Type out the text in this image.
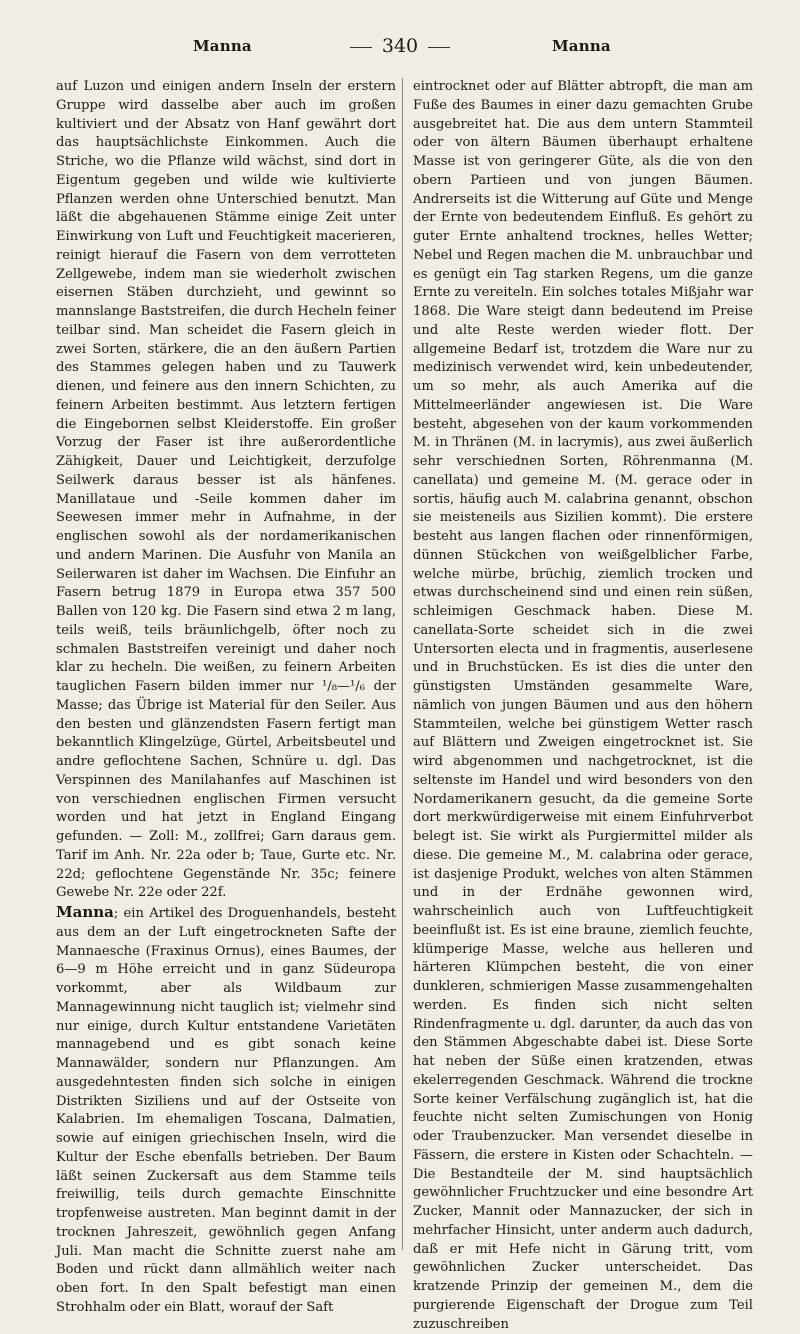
Manna	340	Manna

auf Luzon und einigen andern Inseln der erstern Gruppe wird dasselbe aber auch im großen kultiviert und der Absatz von Hanf gewährt dort das hauptsächlichste Einkommen. Auch die Striche, wo die Pflanze wild wächst, sind dort in Eigentum gegeben und wilde wie kultivierte Pflanzen werden ohne Unterschied benutzt. Man läßt die abgehauenen Stämme einige Zeit unter Einwirkung von Luft und Feuchtigkeit macerieren, reinigt hierauf die Fasern von dem verrotteten Zellgewebe, indem man sie wiederholt zwischen eisernen Stäben durchzieht, und gewinnt so mannslange Baststreifen, die durch Hecheln feiner teilbar sind. Man scheidet die Fasern gleich in zwei Sorten, stärkere, die an den äußern Partien des Stammes gelegen haben und zu Tauwerk dienen, und feinere aus den innern Schichten, zu feinern Arbeiten bestimmt. Aus letztern fertigen die Eingebornen selbst Kleiderstoffe. Ein großer Vorzug der Faser ist ihre außerordentliche Zähigkeit, Dauer und Leichtigkeit, derzufolge Seilwerk daraus besser ist als hänfenes. Manillataue und -Seile kommen daher im Seewesen immer mehr in Aufnahme, in der englischen sowohl als der nordamerikanischen und andern Marinen. Die Ausfuhr von Manila an Seilerwaren ist daher im Wachsen. Die Einfuhr an Fasern betrug 1879 in Europa etwa 357 500 Ballen von 120 kg. Die Fasern sind etwa 2 m lang, teils weiß, teils bräunlichgelb, öfter noch zu schmalen Baststreifen vereinigt und daher noch klar zu hecheln. Die weißen, zu feinern Arbeiten tauglichen Fasern bilden immer nur ¹/₈—¹/₆ der Masse; das Übrige ist Material für den Seiler. Aus den besten und glänzendsten Fasern fertigt man bekanntlich Klingelzüge, Gürtel, Arbeitsbeutel und andre geflochtene Sachen, Schnüre u. dgl. Das Verspinnen des Manilahanfes auf Maschinen ist von verschiednen englischen Firmen versucht worden und hat jetzt in England Eingang gefunden. — Zoll: M., zollfrei; Garn daraus gem. Tarif im Anh. Nr. 22a oder b; Taue, Gurte etc. Nr. 22d; geflochtene Gegenstände Nr. 35c; feinere Gewebe Nr. 22e oder 22f.

Manna; ein Artikel des Droguenhandels, besteht aus dem an der Luft eingetrockneten Safte der Mannaesche (Fraxinus Ornus), eines Baumes, der 6—9 m Höhe erreicht und in ganz Südeuropa vorkommt, aber als Wildbaum zur Mannagewinnung nicht tauglich ist; vielmehr sind nur einige, durch Kultur entstandene Varietäten mannagebend und es gibt sonach keine Mannawälder, sondern nur Pflanzungen. Am ausgedehntesten finden sich solche in einigen Distrikten Siziliens und auf der Ostseite von Kalabrien. Im ehemaligen Toscana, Dalmatien, sowie auf einigen griechischen Inseln, wird die Kultur der Esche ebenfalls betrieben. Der Baum läßt seinen Zuckersaft aus dem Stamme teils freiwillig, teils durch gemachte Einschnitte tropfenweise austreten. Man beginnt damit in der trocknen Jahreszeit, gewöhnlich gegen Anfang Juli. Man macht die Schnitte zuerst nahe am Boden und rückt dann allmählich weiter nach oben fort. In den Spalt befestigt man einen Strohhalm oder ein Blatt, worauf der Saft

eintrocknet oder auf Blätter abtropft, die man am Fuße des Baumes in einer dazu gemachten Grube ausgebreitet hat. Die aus dem untern Stammteil oder von ältern Bäumen überhaupt erhaltene Masse ist von geringerer Güte, als die von den obern Partieen und von jungen Bäumen. Andrerseits ist die Witterung auf Güte und Menge der Ernte von bedeutendem Einfluß. Es gehört zu guter Ernte anhaltend trocknes, helles Wetter; Nebel und Regen machen die M. unbrauchbar und es genügt ein Tag starken Regens, um die ganze Ernte zu vereiteln. Ein solches totales Mißjahr war 1868. Die Ware steigt dann bedeutend im Preise und alte Reste werden wieder flott. Der allgemeine Bedarf ist, trotzdem die Ware nur zu medizinisch verwendet wird, kein unbedeutender, um so mehr, als auch Amerika auf die Mittelmeerländer angewiesen ist. Die Ware besteht, abgesehen von der kaum vorkommenden M. in Thränen (M. in lacrymis), aus zwei äußerlich sehr verschiednen Sorten, Röhrenmanna (M. canellata) und gemeine M. (M. gerace oder in sortis, häufig auch M. calabrina genannt, obschon sie meisteneils aus Sizilien kommt). Die erstere besteht aus langen flachen oder rinnenförmigen, dünnen Stückchen von weißgelblicher Farbe, welche mürbe, brüchig, ziemlich trocken und etwas durchscheinend sind und einen rein süßen, schleimigen Geschmack haben. Diese M. canellata-Sorte scheidet sich in die zwei Untersorten electa und in fragmentis, auserlesene und in Bruchstücken. Es ist dies die unter den günstigsten Umständen gesammelte Ware, nämlich von jungen Bäumen und aus den höhern Stammteilen, welche bei günstigem Wetter rasch auf Blättern und Zweigen eingetrocknet ist. Sie wird abgenommen und nachgetrocknet, ist die seltenste im Handel und wird besonders von den Nordamerikanern gesucht, da die gemeine Sorte dort merkwürdigerweise mit einem Einfuhrverbot belegt ist. Sie wirkt als Purgiermittel milder als diese. Die gemeine M., M. calabrina oder gerace, ist dasjenige Produkt, welches von alten Stämmen und in der Erdnähe gewonnen wird, wahrscheinlich auch von Luftfeuchtigkeit beeinflußt ist. Es ist eine braune, ziemlich feuchte, klümperige Masse, welche aus helleren und härteren Klümpchen besteht, die von einer dunkleren, schmierigen Masse zusammengehalten werden. Es finden sich nicht selten Rindenfragmente u. dgl. darunter, da auch das von den Stämmen Abgeschabte dabei ist. Diese Sorte hat neben der Süße einen kratzenden, etwas ekelerregenden Geschmack. Während die trockne Sorte keiner Verfälschung zugänglich ist, hat die feuchte nicht selten Zumischungen von Honig oder Traubenzucker. Man versendet dieselbe in Fässern, die erstere in Kisten oder Schachteln. — Die Bestandteile der M. sind hauptsächlich gewöhnlicher Fruchtzucker und eine besondre Art Zucker, Mannit oder Mannazucker, der sich in mehrfacher Hinsicht, unter anderm auch dadurch, daß er mit Hefe nicht in Gärung tritt, vom gewöhnlichen Zucker unterscheidet. Das kratzende Prinzip der gemeinen M., dem die purgierende Eigenschaft der Drogue zum Teil zuzuschreiben
